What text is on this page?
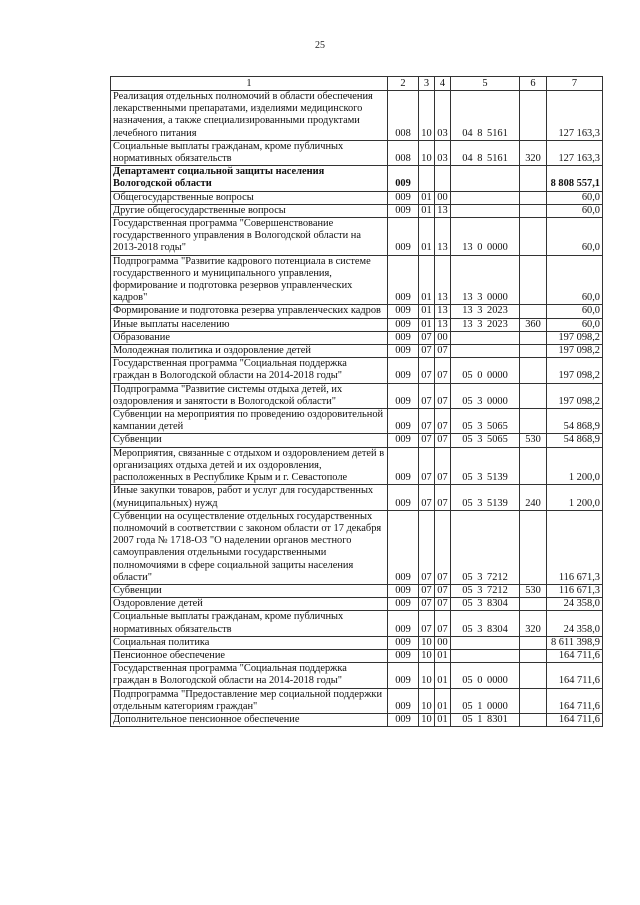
25
1	2	3	4	5	6	7
Реализация отдельных полномочий в области обеспечения лекарственными препаратами, изделиями медицинского назначения, а также специализированными продуктами лечебного питания	008	10	03	04 8 5161		127 163,3
Социальные выплаты гражданам, кроме публичных нормативных обязательств	008	10	03	04 8 5161	320	127 163,3
Департамент социальной защиты населения Вологодской области	009					8 808 557,1
Общегосударственные вопросы	009	01	00			60,0
Другие общегосударственные вопросы	009	01	13			60,0
Государственная программа "Совершенствование государственного управления в Вологодской области на 2013-2018 годы"	009	01	13	13 0 0000		60,0
Подпрограмма "Развитие кадрового потенциала в системе государственного и муниципального управления, формирование и подготовка резервов управленческих кадров"	009	01	13	13 3 0000		60,0
Формирование и подготовка резерва управленческих кадров	009	01	13	13 3 2023		60,0
Иные выплаты населению	009	01	13	13 3 2023	360	60,0
Образование	009	07	00			197 098,2
Молодежная политика и оздоровление детей	009	07	07			197 098,2
Государственная программа "Социальная поддержка граждан в Вологодской области на 2014-2018 годы"	009	07	07	05 0 0000		197 098,2
Подпрограмма "Развитие системы отдыха детей, их оздоровления и занятости в Вологодской области"	009	07	07	05 3 0000		197 098,2
Субвенции на мероприятия по проведению оздоровительной кампании детей	009	07	07	05 3 5065		54 868,9
Субвенции	009	07	07	05 3 5065	530	54 868,9
Мероприятия, связанные с отдыхом и оздоровлением детей в организациях отдыха детей и их оздоровления, расположенных в Республике Крым и г. Севастополе	009	07	07	05 3 5139		1 200,0
Иные закупки товаров, работ и услуг для государственных (муниципальных) нужд	009	07	07	05 3 5139	240	1 200,0
Субвенции на осуществление отдельных государственных полномочий в соответствии с законом области от 17 декабря 2007 года № 1718-ОЗ "О наделении органов местного самоуправления отдельными государственными полномочиями в сфере социальной защиты населения области"	009	07	07	05 3 7212		116 671,3
Субвенции	009	07	07	05 3 7212	530	116 671,3
Оздоровление детей	009	07	07	05 3 8304		24 358,0
Социальные выплаты гражданам, кроме публичных нормативных обязательств	009	07	07	05 3 8304	320	24 358,0
Социальная политика	009	10	00			8 611 398,9
Пенсионное обеспечение	009	10	01			164 711,6
Государственная программа "Социальная поддержка граждан в Вологодской области на 2014-2018 годы"	009	10	01	05 0 0000		164 711,6
Подпрограмма "Предоставление мер социальной поддержки отдельным категориям граждан"	009	10	01	05 1 0000		164 711,6
Дополнительное пенсионное обеспечение	009	10	01	05 1 8301		164 711,6
